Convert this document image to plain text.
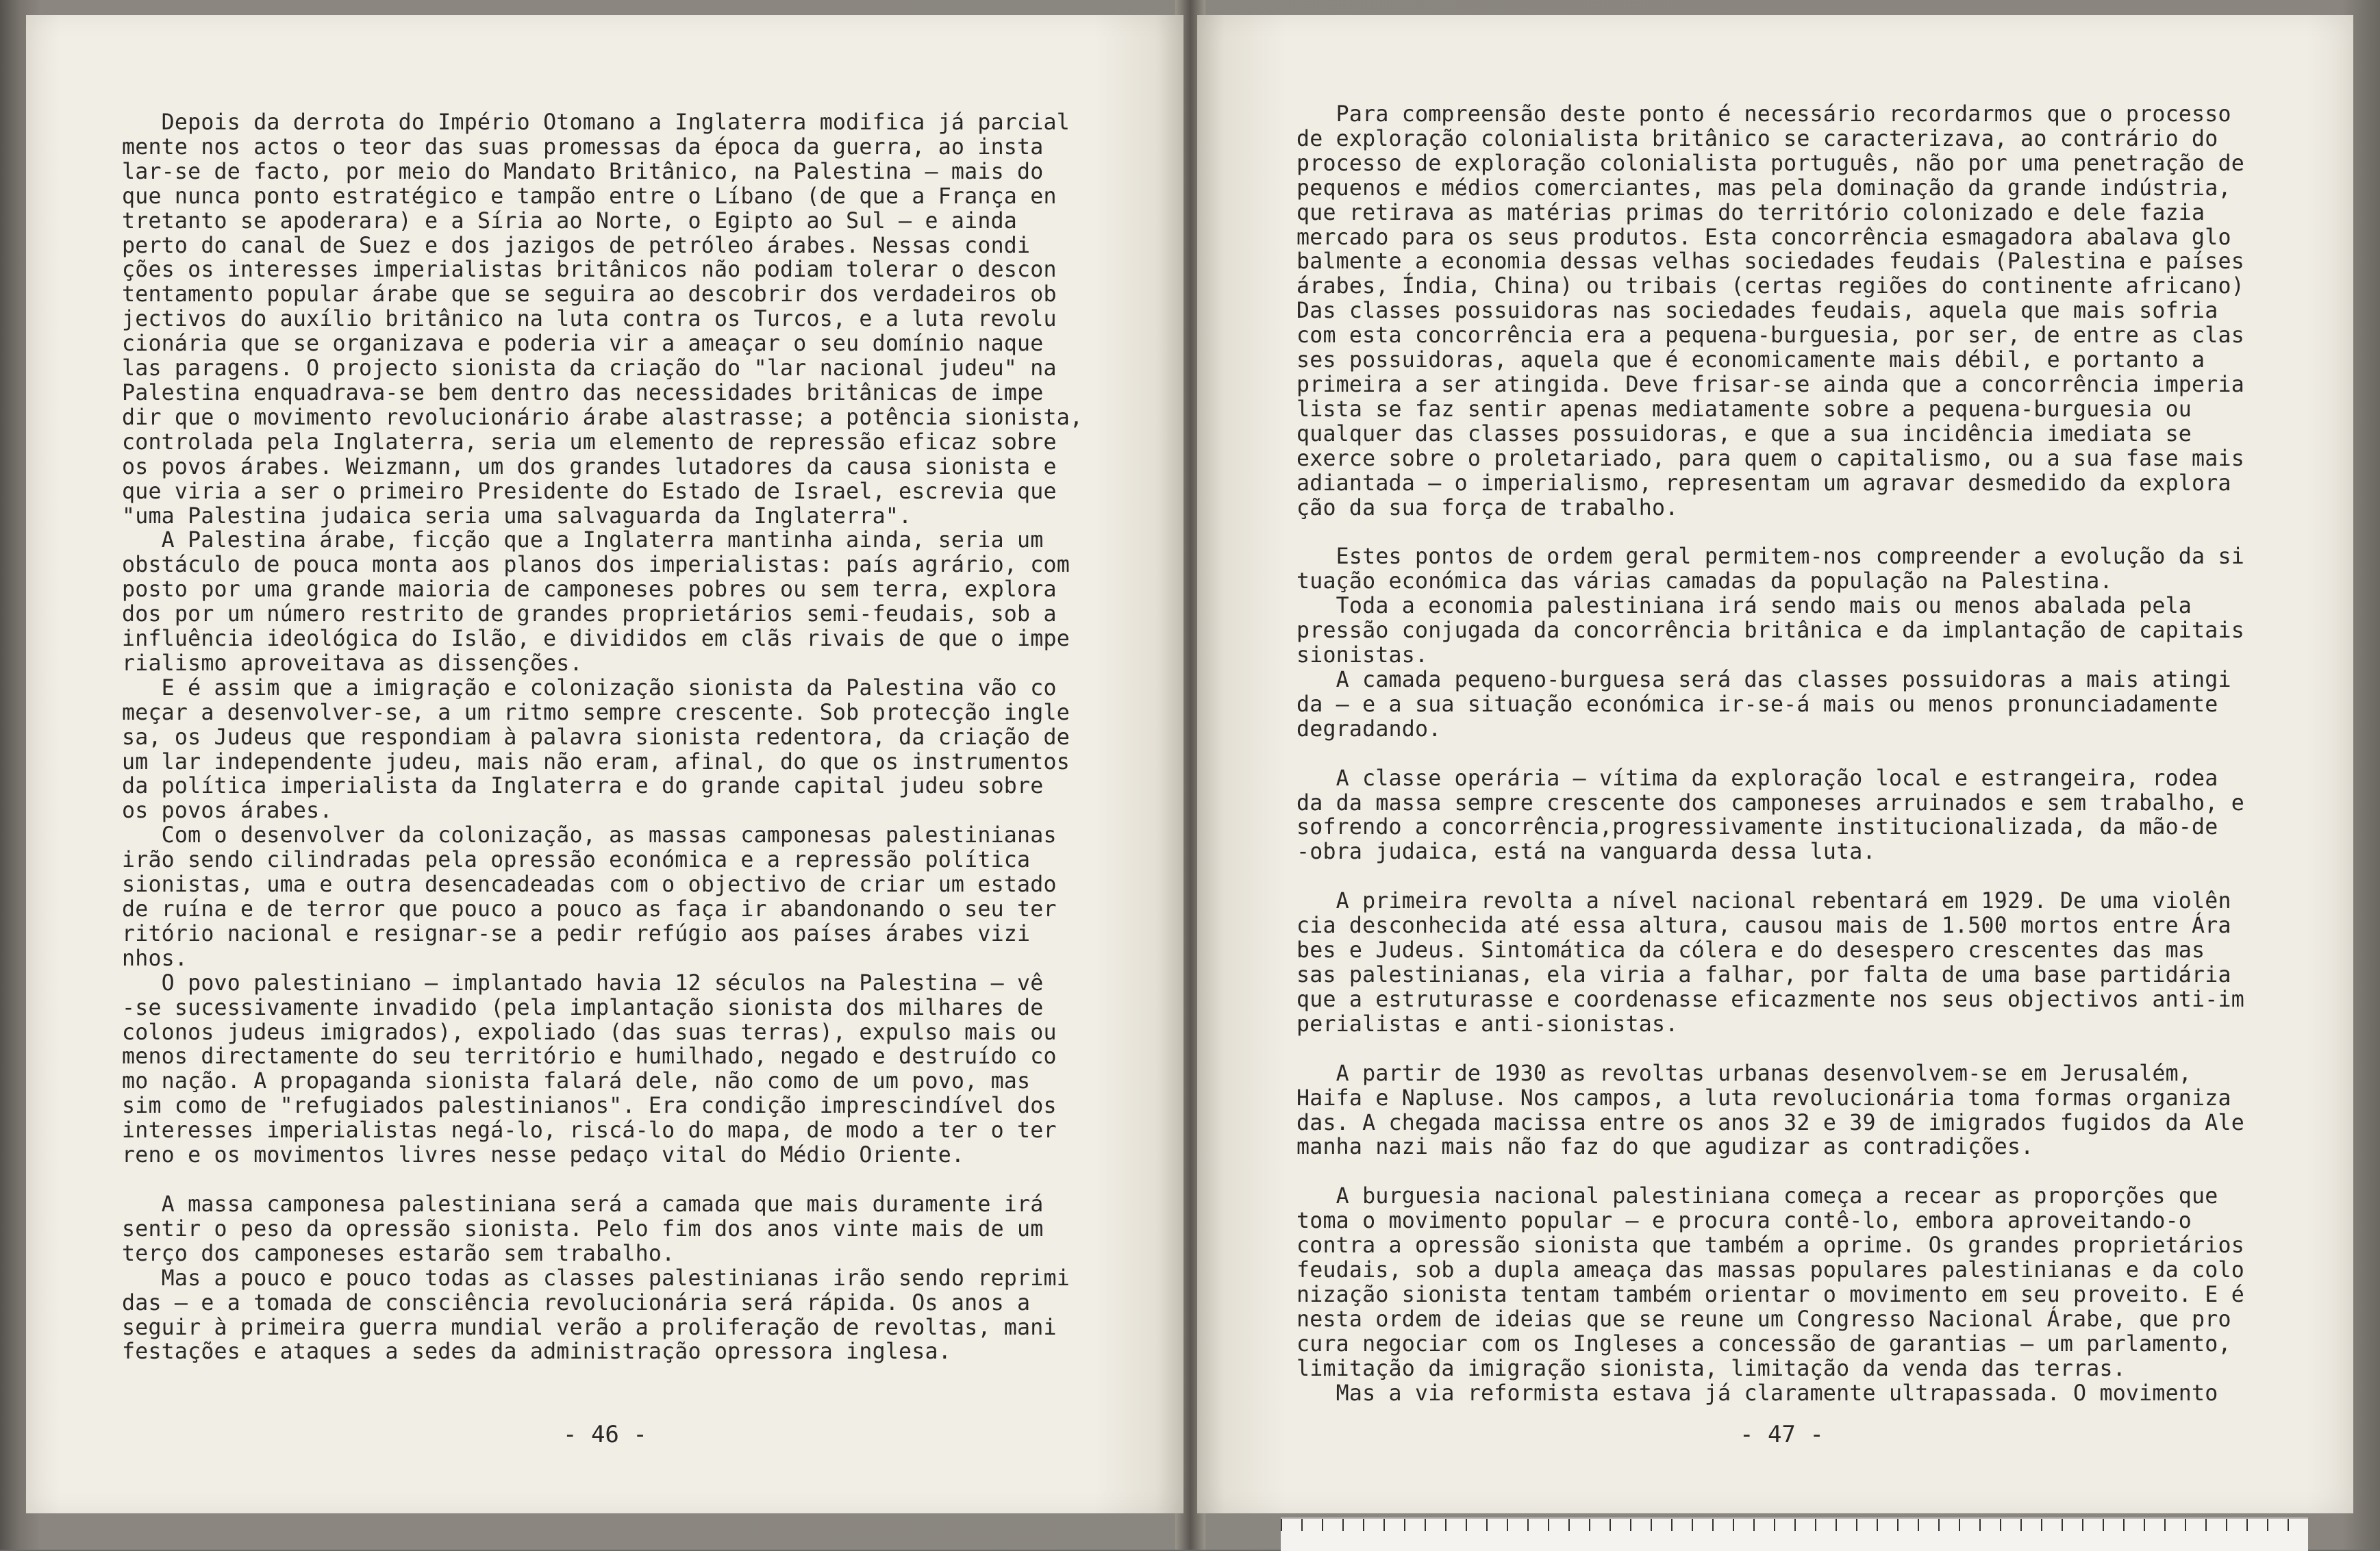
Depois da derrota do Império Otomano a Inglaterra modifica já parcial

mente nos actos o teor das suas promessas da época da guerra, ao insta

lar-se de facto, por meio do Mandato Britânico, na Palestina — mais do

que nunca ponto estratégico e tampão entre o Líbano (de que a França en

tretanto se apoderara) e a Síria ao Norte, o Egipto ao Sul — e ainda

perto do canal de Suez e dos jazigos de petróleo árabes. Nessas condi

ções os interesses imperialistas britânicos não podiam tolerar o descon

tentamento popular árabe que se seguira ao descobrir dos verdadeiros ob

jectivos do auxílio britânico na luta contra os Turcos, e a luta revolu

cionária que se organizava e poderia vir a ameaçar o seu domínio naque

las paragens. O projecto sionista da criação do "lar nacional judeu" na

Palestina enquadrava-se bem dentro das necessidades britânicas de impe

dir que o movimento revolucionário árabe alastrasse; a potência sionista,

controlada pela Inglaterra, seria um elemento de repressão eficaz sobre

os povos árabes. Weizmann, um dos grandes lutadores da causa sionista e

que viria a ser o primeiro Presidente do Estado de Israel, escrevia que

"uma Palestina judaica seria uma salvaguarda da Inglaterra".

A Palestina árabe, ficção que a Inglaterra mantinha ainda, seria um

obstáculo de pouca monta aos planos dos imperialistas: país agrário, com

posto por uma grande maioria de camponeses pobres ou sem terra, explora

dos por um número restrito de grandes proprietários semi-feudais, sob a

influência ideológica do Islão, e divididos em clãs rivais de que o impe

rialismo aproveitava as dissenções.

E é assim que a imigração e colonização sionista da Palestina vão co

meçar a desenvolver-se, a um ritmo sempre crescente. Sob protecção ingle

sa, os Judeus que respondiam à palavra sionista redentora, da criação de

um lar independente judeu, mais não eram, afinal, do que os instrumentos

da política imperialista da Inglaterra e do grande capital judeu sobre

os povos árabes.

Com o desenvolver da colonização, as massas camponesas palestinianas

irão sendo cilindradas pela opressão económica e a repressão política

sionistas, uma e outra desencadeadas com o objectivo de criar um estado

de ruína e de terror que pouco a pouco as faça ir abandonando o seu ter

ritório nacional e resignar-se a pedir refúgio aos países árabes vizi

nhos.

O povo palestiniano — implantado havia 12 séculos na Palestina — vê

-se sucessivamente invadido (pela implantação sionista dos milhares de

colonos judeus imigrados), expoliado (das suas terras), expulso mais ou

menos directamente do seu território e humilhado, negado e destruído co

mo nação. A propaganda sionista falará dele, não como de um povo, mas

sim como de "refugiados palestinianos". Era condição imprescindível dos

interesses imperialistas negá-lo, riscá-lo do mapa, de modo a ter o ter

reno e os movimentos livres nesse pedaço vital do Médio Oriente.

A massa camponesa palestiniana será a camada que mais duramente irá

sentir o peso da opressão sionista. Pelo fim dos anos vinte mais de um

terço dos camponeses estarão sem trabalho.

Mas a pouco e pouco todas as classes palestinianas irão sendo reprimi

das — e a tomada de consciência revolucionária será rápida. Os anos a

seguir à primeira guerra mundial verão a proliferação de revoltas, mani

festações e ataques a sedes da administração opressora inglesa.

- 46 -

Para compreensão deste ponto é necessário recordarmos que o processo

de exploração colonialista britânico se caracterizava, ao contrário do

processo de exploração colonialista português, não por uma penetração de

pequenos e médios comerciantes, mas pela dominação da grande indústria,

que retirava as matérias primas do território colonizado e dele fazia

mercado para os seus produtos. Esta concorrência esmagadora abalava glo

balmente a economia dessas velhas sociedades feudais (Palestina e países

árabes, Índia, China) ou tribais (certas regiões do continente africano)

Das classes possuidoras nas sociedades feudais, aquela que mais sofria

com esta concorrência era a pequena-burguesia, por ser, de entre as clas

ses possuidoras, aquela que é economicamente mais débil, e portanto a

primeira a ser atingida. Deve frisar-se ainda que a concorrência imperia

lista se faz sentir apenas mediatamente sobre a pequena-burguesia ou

qualquer das classes possuidoras, e que a sua incidência imediata se

exerce sobre o proletariado, para quem o capitalismo, ou a sua fase mais

adiantada — o imperialismo, representam um agravar desmedido da explora

ção da sua força de trabalho.

Estes pontos de ordem geral permitem-nos compreender a evolução da si

tuação económica das várias camadas da população na Palestina.

Toda a economia palestiniana irá sendo mais ou menos abalada pela

pressão conjugada da concorrência britânica e da implantação de capitais

sionistas.

A camada pequeno-burguesa será das classes possuidoras a mais atingi

da — e a sua situação económica ir-se-á mais ou menos pronunciadamente

degradando.

A classe operária — vítima da exploração local e estrangeira, rodea

da da massa sempre crescente dos camponeses arruinados e sem trabalho, e

sofrendo a concorrência,progressivamente institucionalizada, da mão-de

-obra judaica, está na vanguarda dessa luta.

A primeira revolta a nível nacional rebentará em 1929. De uma violên

cia desconhecida até essa altura, causou mais de 1.500 mortos entre Ára

bes e Judeus. Sintomática da cólera e do desespero crescentes das mas

sas palestinianas, ela viria a falhar, por falta de uma base partidária

que a estruturasse e coordenasse eficazmente nos seus objectivos anti-im

perialistas e anti-sionistas.

A partir de 1930 as revoltas urbanas desenvolvem-se em Jerusalém,

Haifa e Napluse. Nos campos, a luta revolucionária toma formas organiza

das. A chegada macissa entre os anos 32 e 39 de imigrados fugidos da Ale

manha nazi mais não faz do que agudizar as contradições.

A burguesia nacional palestiniana começa a recear as proporções que

toma o movimento popular — e procura contê-lo, embora aproveitando-o

contra a opressão sionista que também a oprime. Os grandes proprietários

feudais, sob a dupla ameaça das massas populares palestinianas e da colo

nização sionista tentam também orientar o movimento em seu proveito. E é

nesta ordem de ideias que se reune um Congresso Nacional Árabe, que pro

cura negociar com os Ingleses a concessão de garantias — um parlamento,

limitação da imigração sionista, limitação da venda das terras.

Mas a via reformista estava já claramente ultrapassada. O movimento

- 47 -
